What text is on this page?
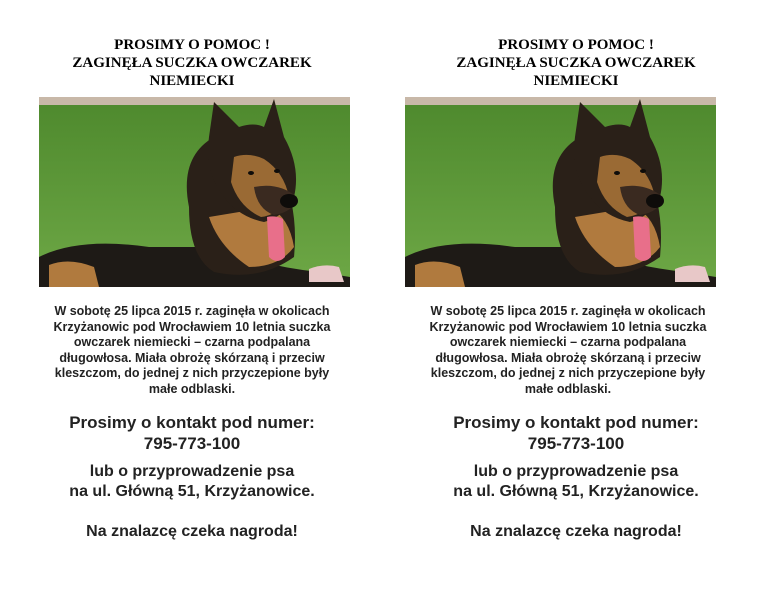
PROSIMY O POMOC !
ZAGINĘŁA SUCZKA OWCZAREK
NIEMIECKI
W sobotę 25 lipca 2015 r. zaginęła w okolicach
Krzyżanowic pod Wrocławiem 10 letnia suczka
owczarek niemiecki – czarna podpalana
długowłosa. Miała obrożę skórzaną i przeciw
kleszczom, do jednej z nich przyczepione były
małe odblaski.
Prosimy o kontakt pod numer:
795-773-100
lub o przyprowadzenie psa
na ul. Główną 51, Krzyżanowice.
Na znalazcę czeka nagroda!
PROSIMY O POMOC !
ZAGINĘŁA SUCZKA OWCZAREK
NIEMIECKI
W sobotę 25 lipca 2015 r. zaginęła w okolicach
Krzyżanowic pod Wrocławiem 10 letnia suczka
owczarek niemiecki – czarna podpalana
długowłosa. Miała obrożę skórzaną i przeciw
kleszczom, do jednej z nich przyczepione były
małe odblaski.
Prosimy o kontakt pod numer:
795-773-100
lub o przyprowadzenie psa
na ul. Główną 51, Krzyżanowice.
Na znalazcę czeka nagroda!
